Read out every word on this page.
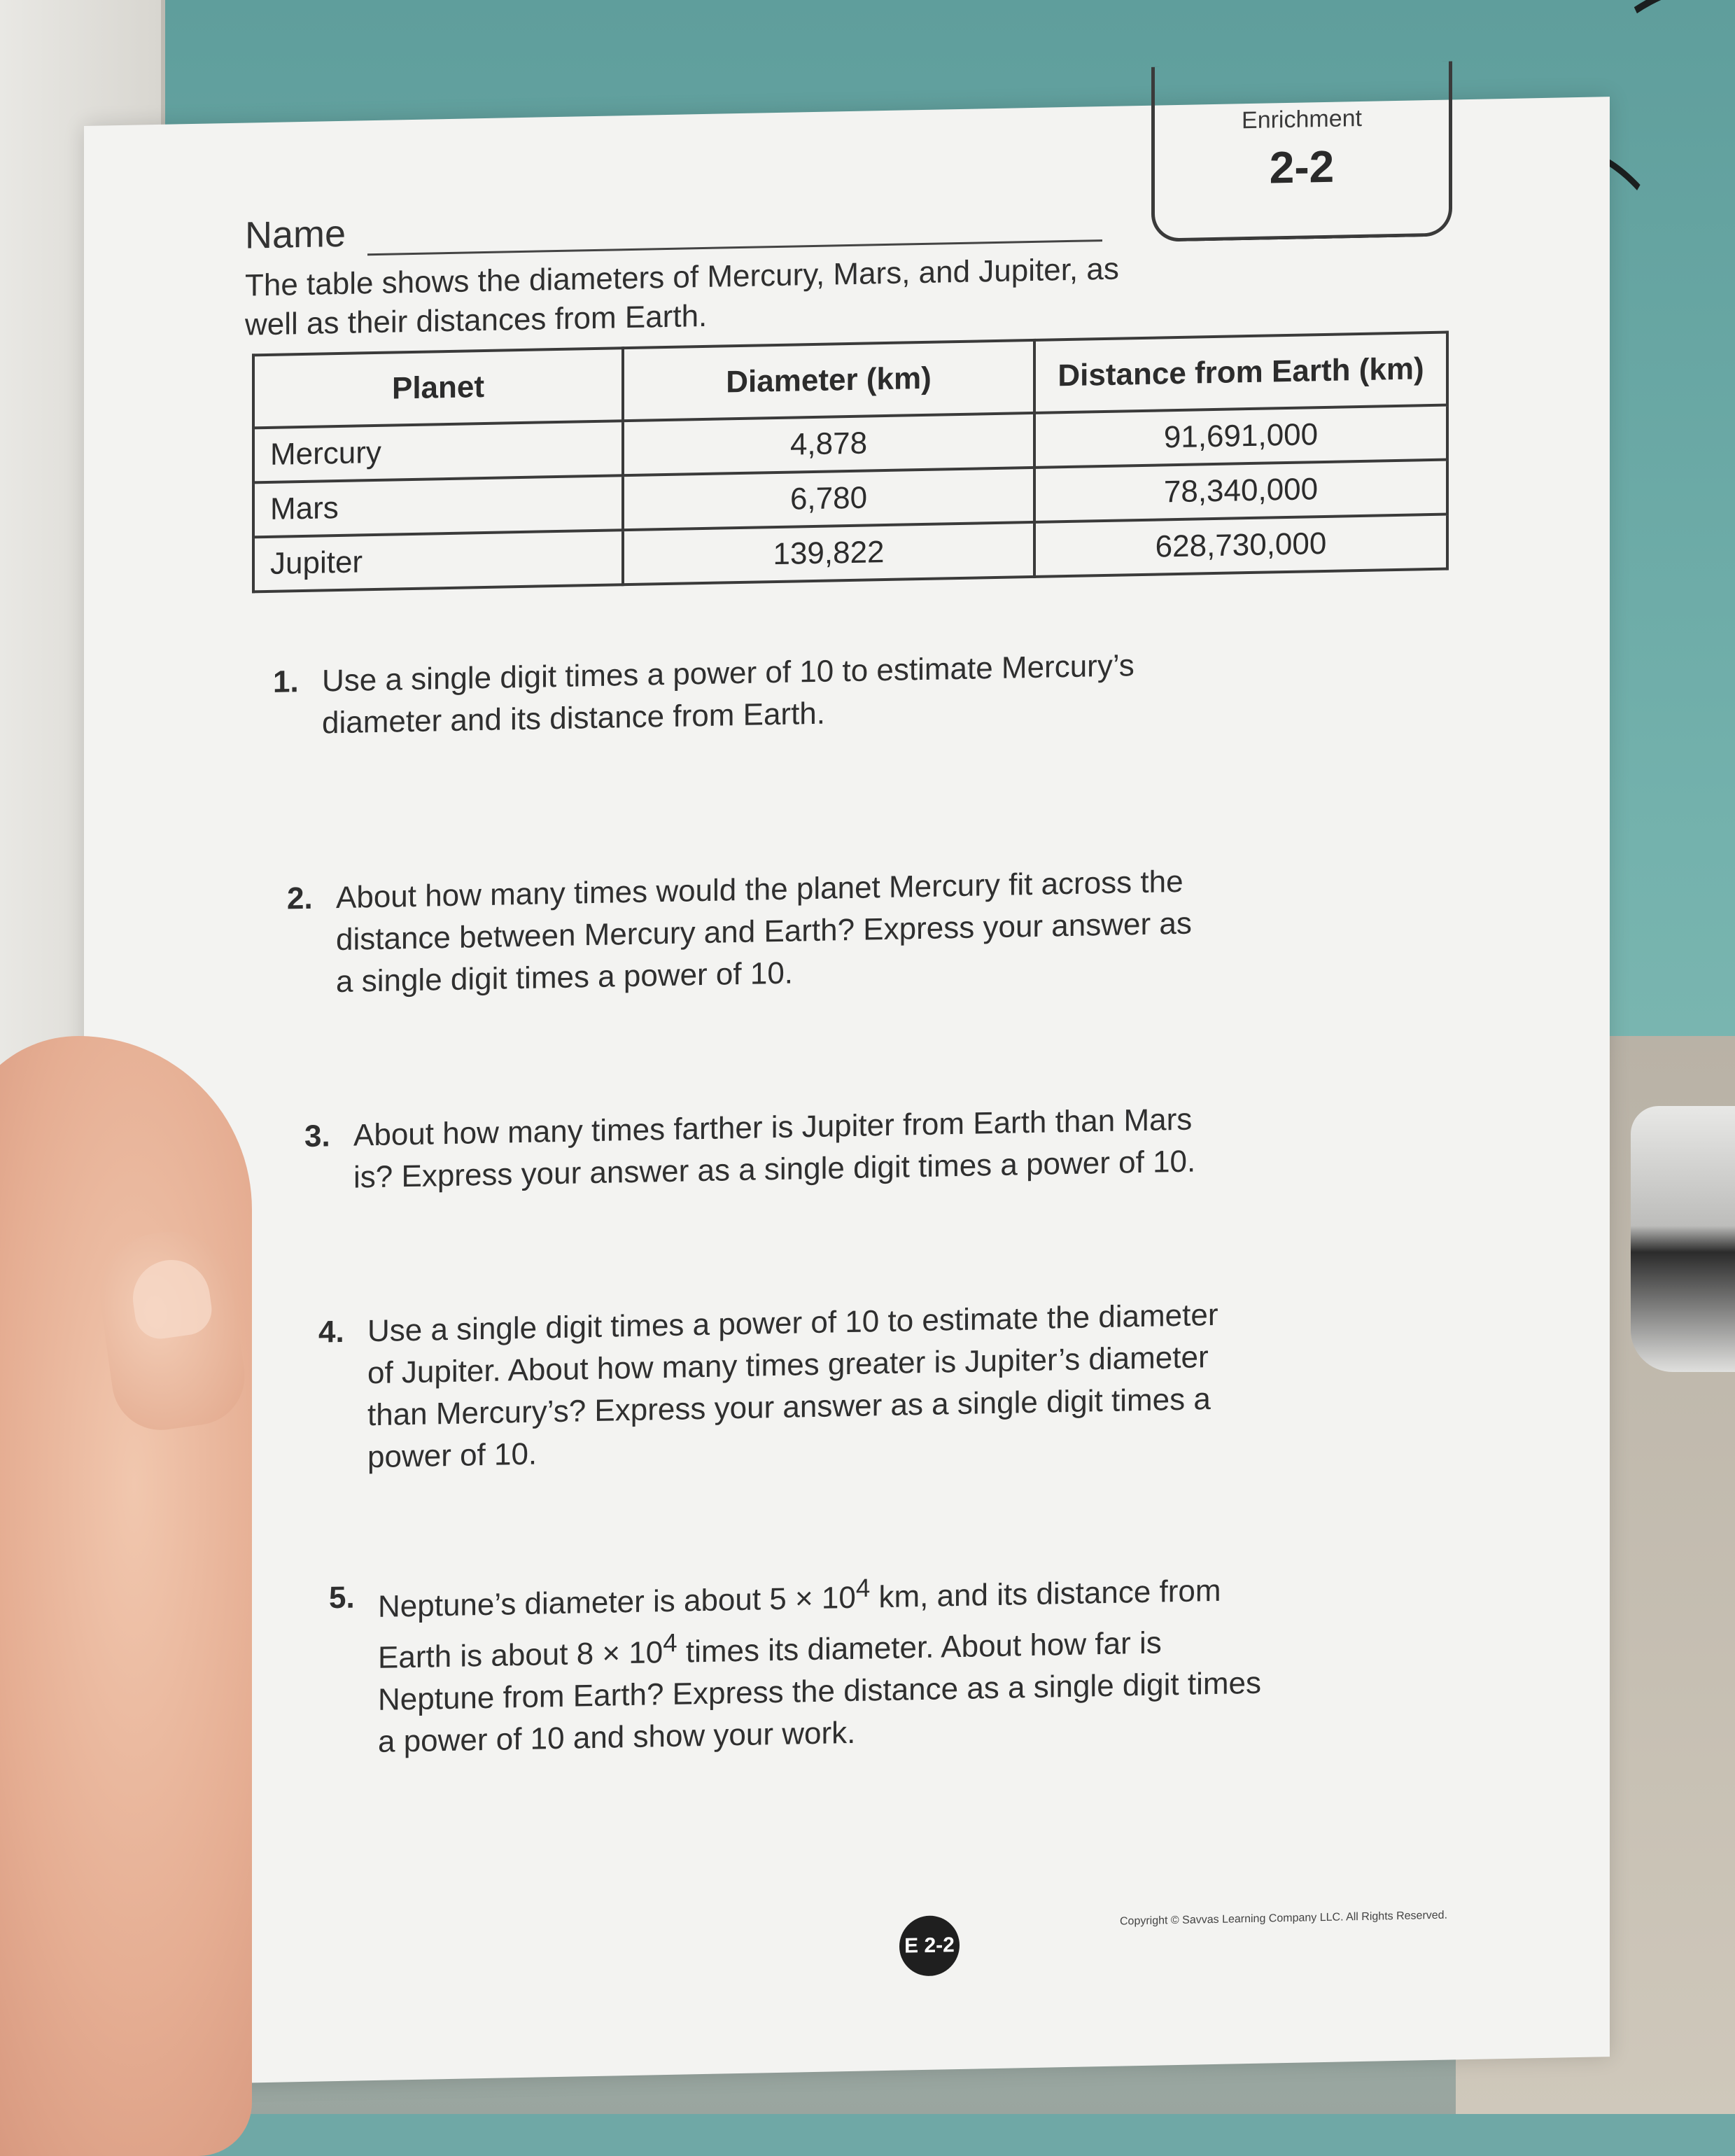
Enrichment
2-2
Name
The table shows the diameters of Mercury, Mars, and Jupiter, as well as their distances from Earth.
Planet	Diameter (km)	Distance from Earth (km)
Mercury	4,878	91,691,000
Mars	6,780	78,340,000
Jupiter	139,822	628,730,000
1. Use a single digit times a power of 10 to estimate Mercury’s diameter and its distance from Earth.
2. About how many times would the planet Mercury fit across the distance between Mercury and Earth? Express your answer as a single digit times a power of 10.
3. About how many times farther is Jupiter from Earth than Mars is? Express your answer as a single digit times a power of 10.
4. Use a single digit times a power of 10 to estimate the diameter of Jupiter. About how many times greater is Jupiter’s diameter than Mercury’s? Express your answer as a single digit times a power of 10.
5. Neptune’s diameter is about $5 \times 10^4$ km, and its distance from Earth is about $8 \times 10^4$ times its diameter. About how far is Neptune from Earth? Express the distance as a single digit times a power of 10 and show your work.
E 2-2
Copyright © Savvas Learning Company LLC. All Rights Reserved.
